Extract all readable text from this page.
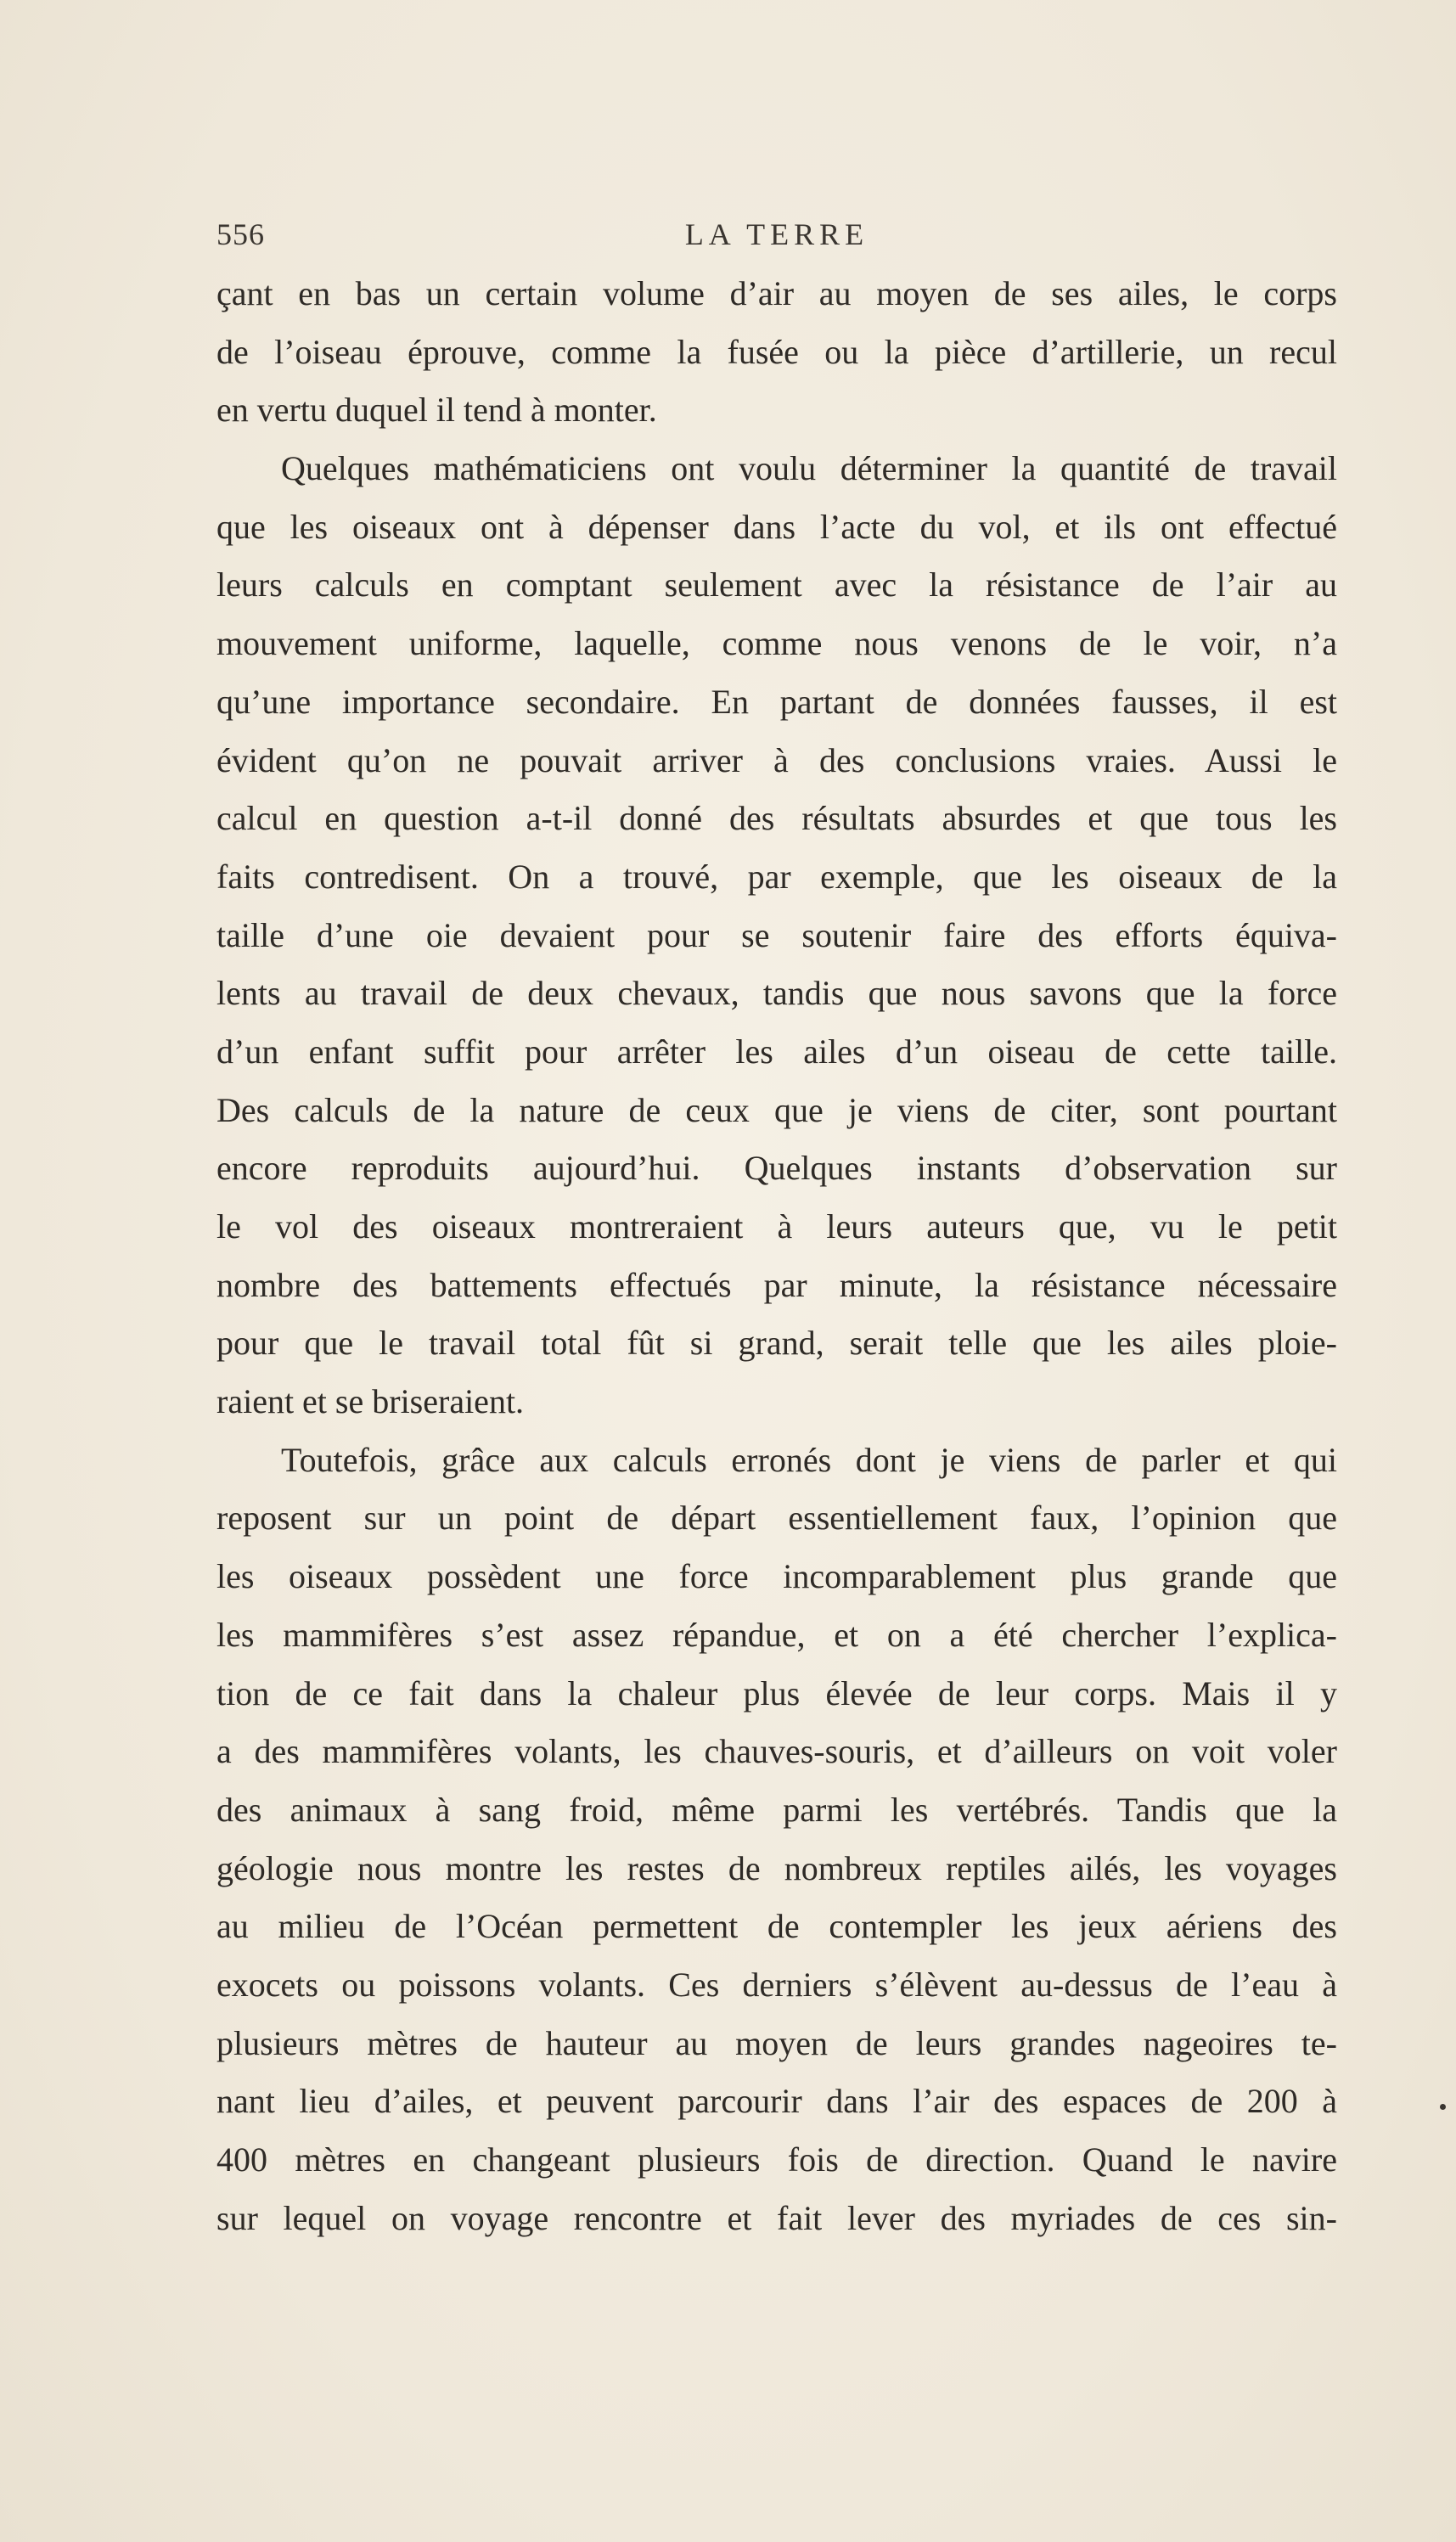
556	LA TERRE
çant en bas un certain volume d’air au moyen de ses ailes, le corps
de l’oiseau éprouve, comme la fusée ou la pièce d’artillerie, un recul
en vertu duquel il tend à monter.
Quelques mathématiciens ont voulu déterminer la quantité de travail
que les oiseaux ont à dépenser dans l’acte du vol, et ils ont effectué
leurs calculs en comptant seulement avec la résistance de l’air au
mouvement uniforme, laquelle, comme nous venons de le voir, n’a
qu’une importance secondaire. En partant de données fausses, il est
évident qu’on ne pouvait arriver à des conclusions vraies. Aussi le
calcul en question a-t-il donné des résultats absurdes et que tous les
faits contredisent. On a trouvé, par exemple, que les oiseaux de la
taille d’une oie devaient pour se soutenir faire des efforts équiva-
lents au travail de deux chevaux, tandis que nous savons que la force
d’un enfant suffit pour arrêter les ailes d’un oiseau de cette taille.
Des calculs de la nature de ceux que je viens de citer, sont pourtant
encore reproduits aujourd’hui. Quelques instants d’observation sur
le vol des oiseaux montreraient à leurs auteurs que, vu le petit
nombre des battements effectués par minute, la résistance nécessaire
pour que le travail total fût si grand, serait telle que les ailes ploie-
raient et se briseraient.
Toutefois, grâce aux calculs erronés dont je viens de parler et qui
reposent sur un point de départ essentiellement faux, l’opinion que
les oiseaux possèdent une force incomparablement plus grande que
les mammifères s’est assez répandue, et on a été chercher l’explica-
tion de ce fait dans la chaleur plus élevée de leur corps. Mais il y
a des mammifères volants, les chauves-souris, et d’ailleurs on voit voler
des animaux à sang froid, même parmi les vertébrés. Tandis que la
géologie nous montre les restes de nombreux reptiles ailés, les voyages
au milieu de l’Océan permettent de contempler les jeux aériens des
exocets ou poissons volants. Ces derniers s’élèvent au-dessus de l’eau à
plusieurs mètres de hauteur au moyen de leurs grandes nageoires te-
nant lieu d’ailes, et peuvent parcourir dans l’air des espaces de 200 à
400 mètres en changeant plusieurs fois de direction. Quand le navire
sur lequel on voyage rencontre et fait lever des myriades de ces sin-
